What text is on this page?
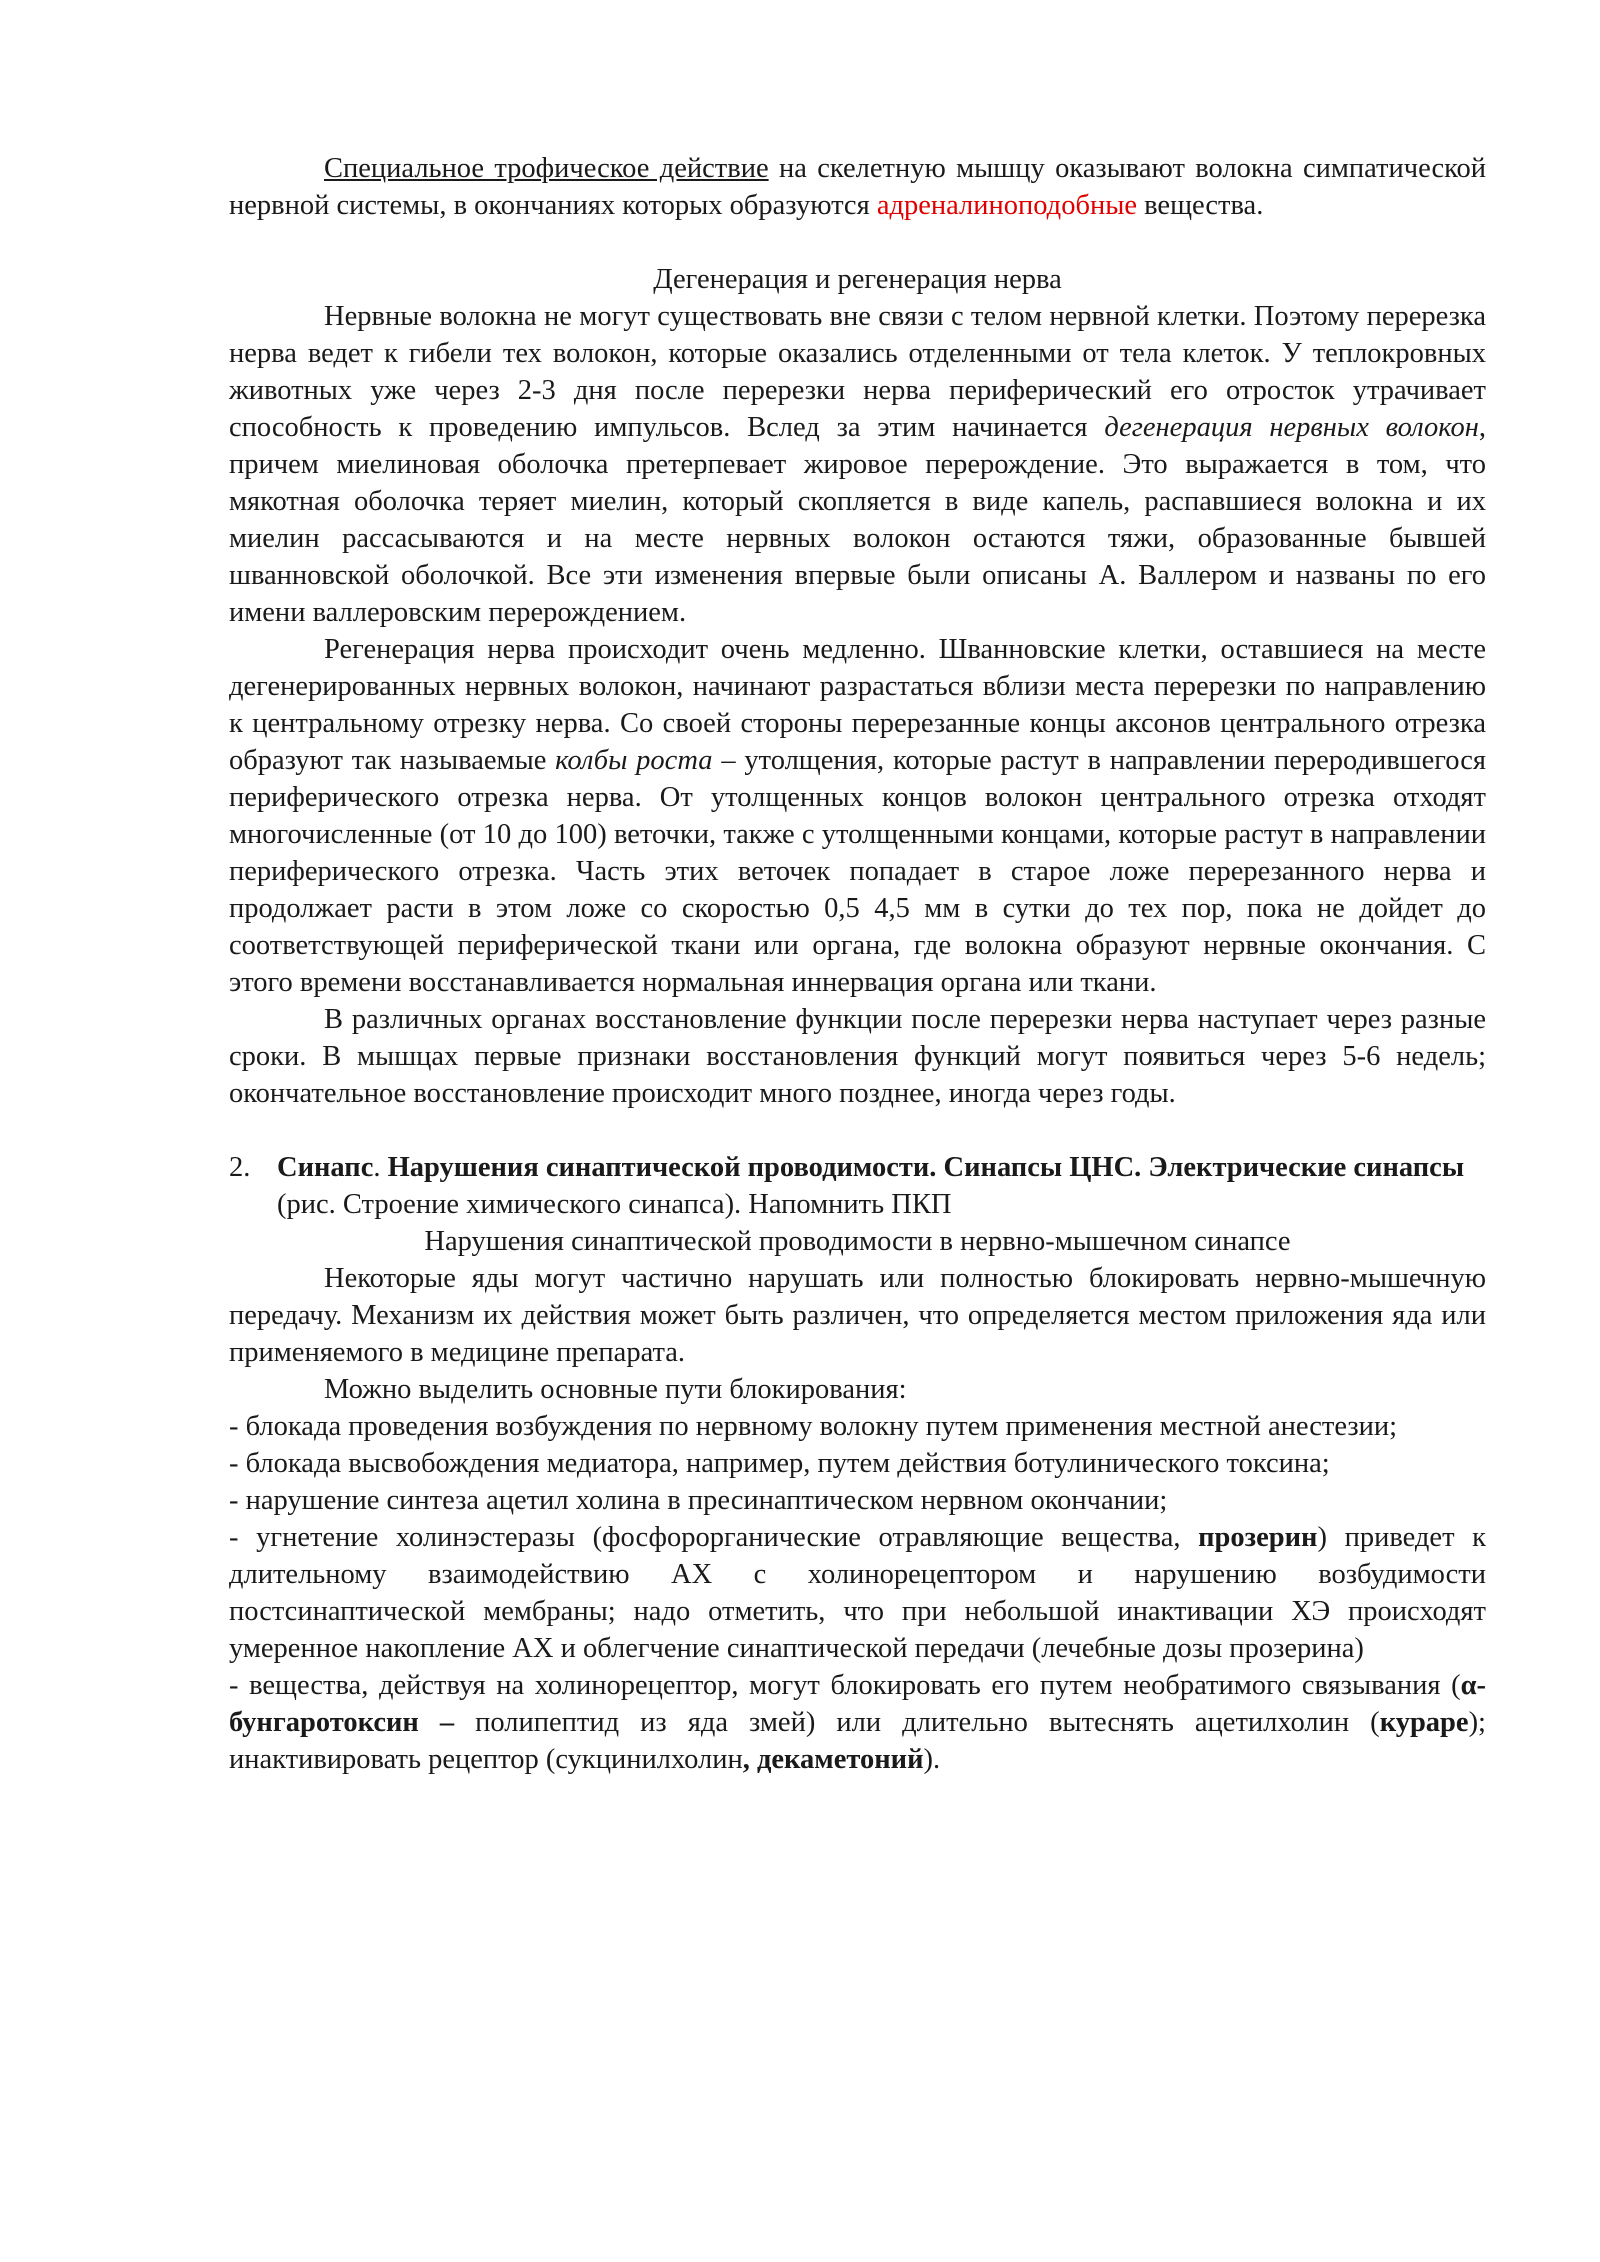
Специальное трофическое действие на скелетную мышцу оказывают волокна симпатической нервной системы, в окончаниях которых образуются адреналиноподобные вещества.

Дегенерация и регенерация нерва

Нервные волокна не могут существовать вне связи с телом нервной клетки. Поэтому перерезка нерва ведет к гибели тех волокон, которые оказались отделенными от тела клеток. У теплокровных животных уже через 2-3 дня после перерезки нерва периферический его отросток утрачивает способность к проведению импульсов. Вслед за этим начинается дегенерация нервных волокон, причем миелиновая оболочка претерпевает жировое перерождение. Это выражается в том, что мякотная оболочка теряет миелин, который скопляется в виде капель, распавшиеся волокна и их миелин рассасываются и на месте нервных волокон остаются тяжи, образованные бывшей шванновской оболочкой. Все эти изменения впервые были описаны А. Валлером и названы по его имени валлеровским перерождением.

Регенерация нерва происходит очень медленно. Шванновские клетки, оставшиеся на месте дегенерированных нервных волокон, начинают разрастаться вблизи места перерезки по направлению к центральному отрезку нерва. Со своей стороны перерезанные концы аксонов центрального отрезка образуют так называемые колбы роста – утолщения, которые растут в направлении переродившегося периферического отрезка нерва. От утолщенных концов волокон центрального отрезка отходят многочисленные (от 10 до 100) веточки, также с утолщенными концами, которые растут в направлении периферического отрезка. Часть этих веточек попадает в старое ложе перерезанного нерва и продолжает расти в этом ложе со скоростью 0,5 4,5 мм в сутки до тех пор, пока не дойдет до соответствующей периферической ткани или органа, где волокна образуют нервные окончания. С этого времени восстанавливается нормальная иннервация органа или ткани.

В различных органах восстановление функции после перерезки нерва наступает через разные сроки. В мышцах первые признаки восстановления функций могут появиться через 5-6 недель; окончательное восстановление происходит много позднее, иногда через годы.

2. Синапс. Нарушения синаптической проводимости. Синапсы ЦНС. Электрические синапсы

(рис. Строение химического синапса). Напомнить ПКП

Нарушения синаптической проводимости в нервно-мышечном синапсе

Некоторые яды могут частично нарушать или полностью блокировать нервно-мышечную передачу. Механизм их действия может быть различен, что определяется местом приложения яда или применяемого в медицине препарата.

Можно выделить основные пути блокирования:

- блокада проведения возбуждения по нервному волокну путем применения местной анестезии;

- блокада высвобождения медиатора, например, путем действия ботулинического токсина;

- нарушение синтеза ацетил холина в пресинаптическом нервном окончании;

- угнетение холинэстеразы (фосфорорганические отравляющие вещества, прозерин) приведет к длительному взаимодействию АХ с холинорецептором и нарушению возбудимости постсинаптической мембраны; надо отметить, что при небольшой инактивации ХЭ происходят умеренное накопление АХ и облегчение синаптической передачи (лечебные дозы прозерина)

- вещества, действуя на холинорецептор, могут блокировать его путем необратимого связывания (α-бунгаротоксин – полипептид из яда змей) или длительно вытеснять ацетилхолин (кураре); инактивировать рецептор (сукцинилхолин, декаметоний).
